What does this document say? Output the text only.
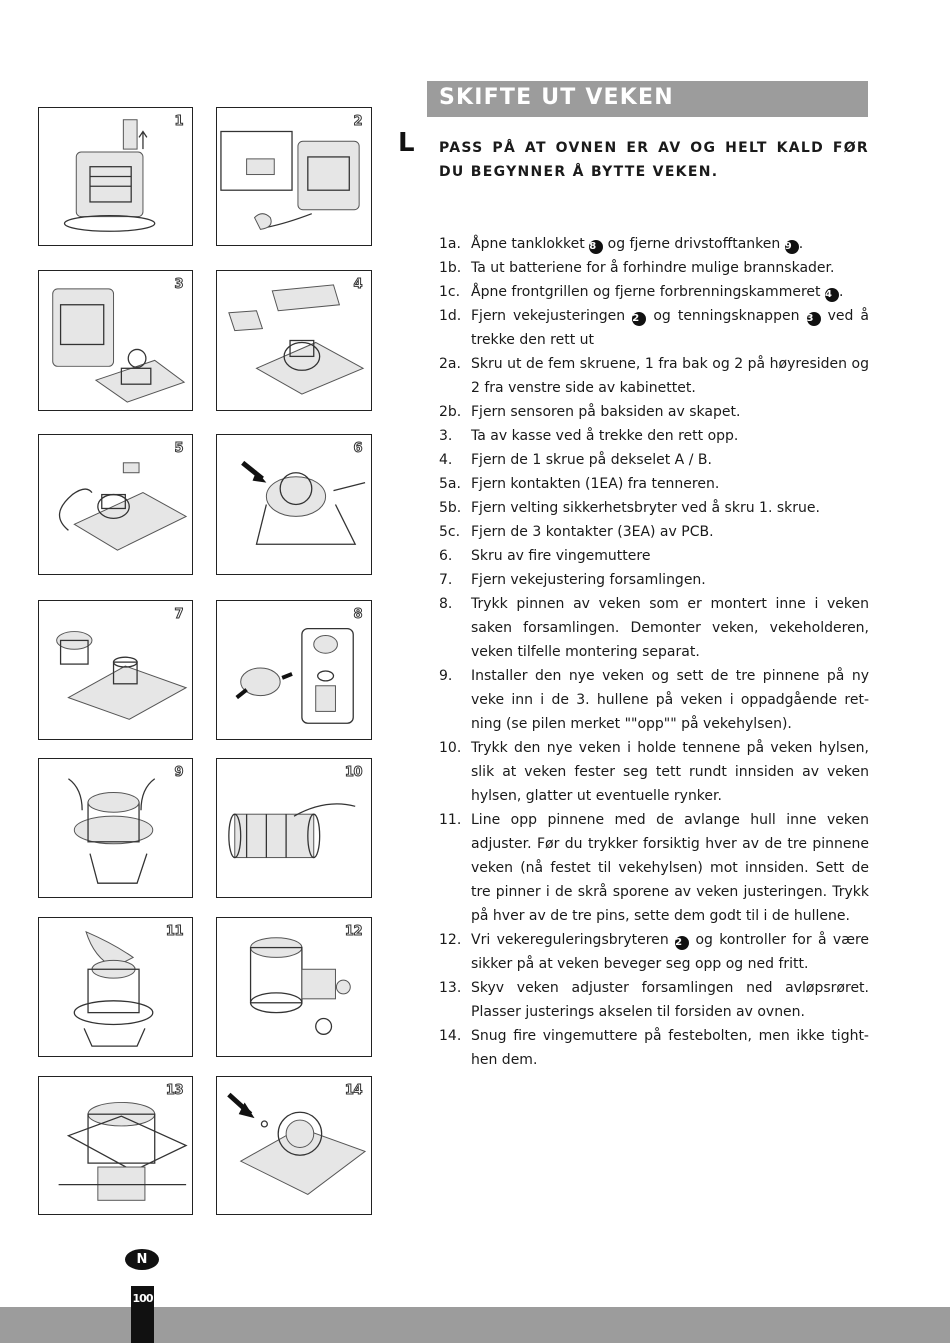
1	2
3	4
5	6
7	8
9	10
11	12
13	14
SKIFTE UT VEKEN
L PASS PÅ AT OVNEN ER AV OG HELT KALD FØR DU BEGYNNER Å BYTTE VEKEN.
1a. Åpne tanklokket 8 og fjerne drivstofftanken 9 .
1b. Ta ut batteriene for å forhindre mulige brannskader.
1c. Åpne frontgrillen og fjerne forbrenningskammeret 4 .
1d. Fjern vekejusteringen 2 og tenningsknappen 3 ved å trekke den rett ut
2a. Skru ut de fem skruene, 1 fra bak og 2 på høyresiden og 2 fra venstre side av kabinettet.
2b. Fjern sensoren på baksiden av skapet.
3.	Ta av kasse ved å trekke den rett opp.
4.	Fjern de 1 skrue på dekselet A / B.
5a. Fjern kontakten (1EA) fra tenneren.
5b. Fjern velting sikkerhetsbryter ved å skru 1. skrue.
5c. Fjern de 3 kontakter (3EA) av PCB.
6.	Skru av fire vingemuttere
7.	Fjern vekejustering forsamlingen.
8.	Trykk pinnen av veken som er montert inne i veken saken forsamlingen. Demonter veken, vekeholderen, veken tilfelle montering separat.
9.	Installer den nye veken og sett de tre pinnene på ny veke inn i de 3. hullene på veken i oppadgående ret-ning (se pilen merket ""opp"" på vekehylsen).
10. Trykk den nye veken i holde tennene på veken hylsen, slik at veken fester seg tett rundt innsiden av veken hylsen, glatter ut eventuelle rynker.
11. Line opp pinnene med de avlange hull inne veken adjuster. Før du trykker forsiktig hver av de tre pinnene veken (nå festet til vekehylsen) mot innsiden. Sett de tre pinner i de skrå sporene av veken justeringen. Trykk på hver av de tre pins, sette dem godt til i de hullene.
12. Vri vekereguleringsbryteren 2 og kontroller for å være sikker på at veken beveger seg opp og ned fritt.
13. Skyv veken adjuster forsamlingen ned avløpsrøret. Plasser justerings akselen til forsiden av ovnen.
14. Snug fire vingemuttere på festebolten, men ikke tight-hen dem.
N
100
